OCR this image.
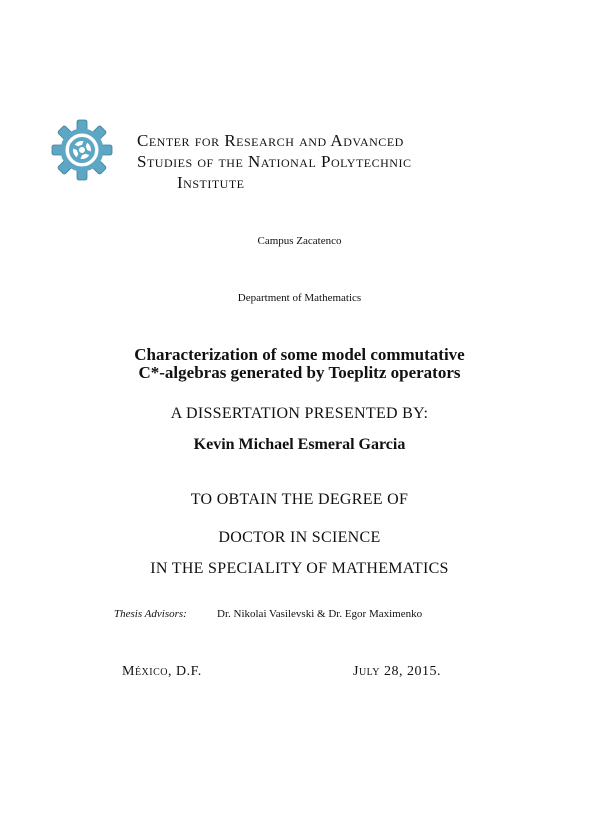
Center for Research and Advanced
Studies of the National Polytechnic
Institute
Campus Zacatenco
Department of Mathematics
Characterization of some model commutative
C*-algebras generated by Toeplitz operators
A DISSERTATION PRESENTED BY:
Kevin Michael Esmeral Garcia
TO OBTAIN THE DEGREE OF
DOCTOR IN SCIENCE
IN THE SPECIALITY OF MATHEMATICS
Thesis Advisors:	Dr. Nikolai Vasilevski & Dr. Egor Maximenko
México, D.F.	July 28, 2015.
